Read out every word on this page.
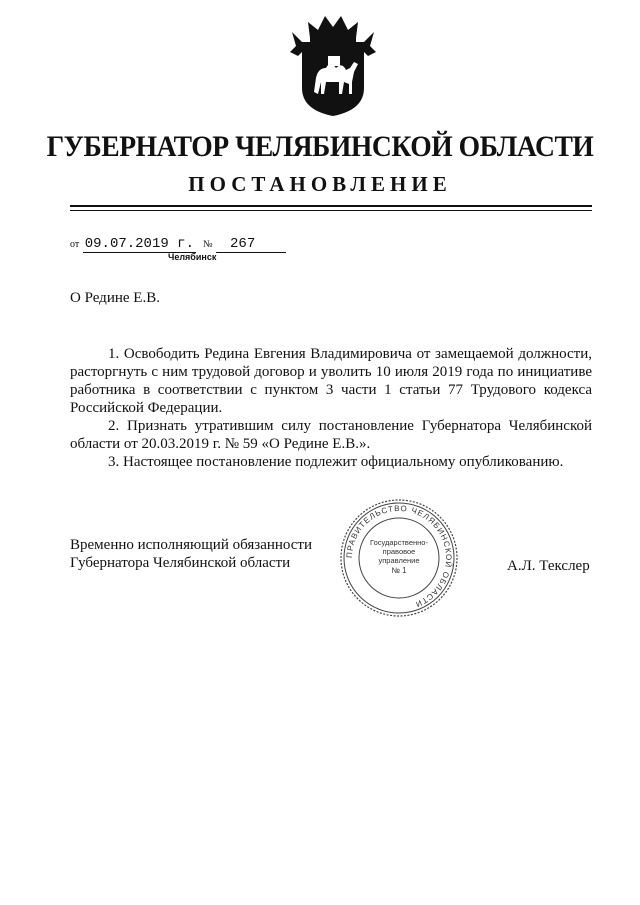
ГУБЕРНАТОР ЧЕЛЯБИНСКОЙ ОБЛАСТИ
ПОСТАНОВЛЕНИЕ
от 09.07.2019 г. № 267
Челябинск
О Редине Е.В.

1. Освободить Редина Евгения Владимировича от замещаемой должности, расторгнуть с ним трудовой договор и уволить 10 июля 2019 года по инициативе работника в соответствии с пунктом 3 части 1 статьи 77 Трудового кодекса Российской Федерации.

2. Признать утратившим силу постановление Губернатора Челябинской области от 20.03.2019 г. № 59 «О Редине Е.В.».

3. Настоящее постановление подлежит официальному опубликованию.

Временно исполняющий обязанности
Губернатора Челябинской области
ПРАВИТЕЛЬСТВО ЧЕЛЯБИНСКОЙ ОБЛАСТИ
Государственно-
правовое
управление
№ 1	А.Л. Текслер
